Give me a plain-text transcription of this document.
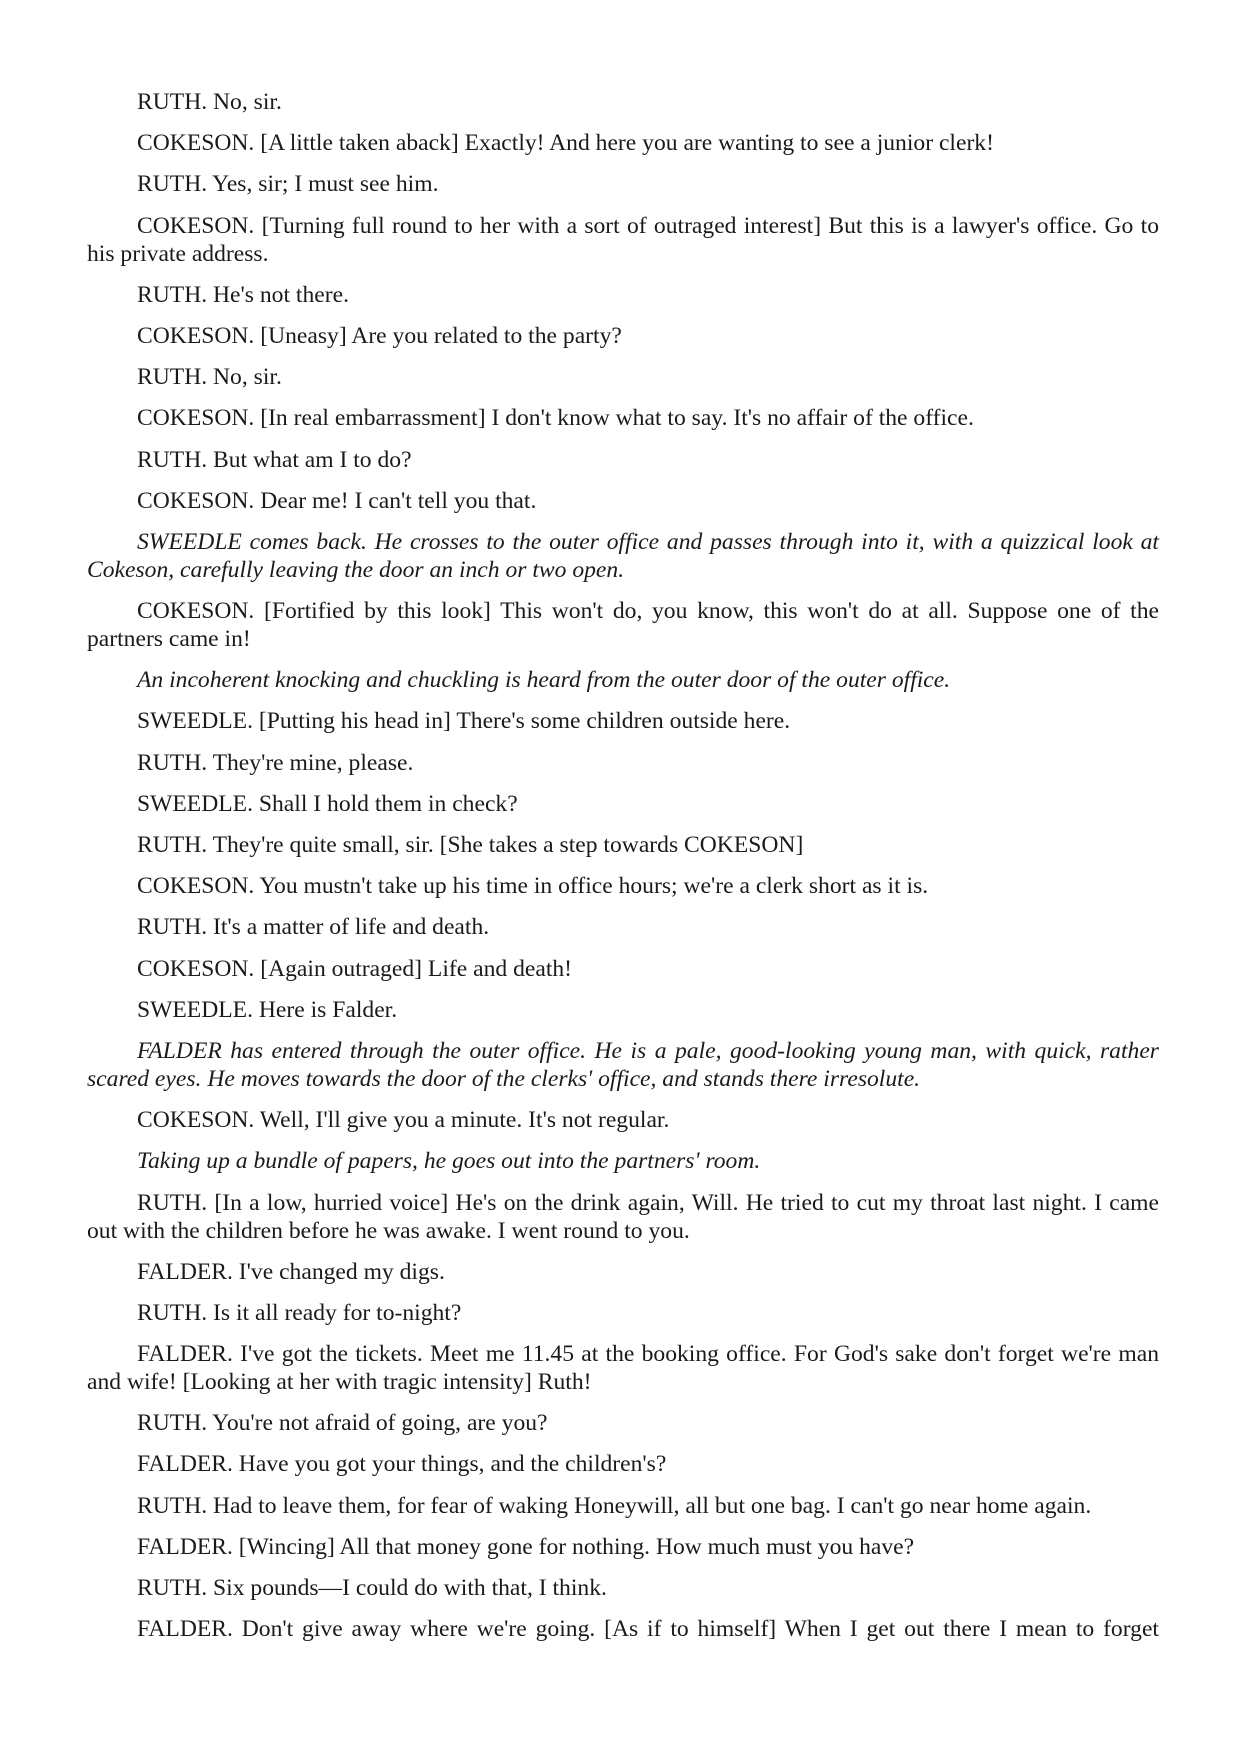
RUTH. No, sir.

COKESON. [A little taken aback] Exactly! And here you are wanting to see a junior clerk!

RUTH. Yes, sir; I must see him.

COKESON. [Turning full round to her with a sort of outraged interest] But this is a lawyer's office. Go to his private address.

RUTH. He's not there.

COKESON. [Uneasy] Are you related to the party?

RUTH. No, sir.

COKESON. [In real embarrassment] I don't know what to say. It's no affair of the office.

RUTH. But what am I to do?

COKESON. Dear me! I can't tell you that.

SWEEDLE comes back. He crosses to the outer office and passes through into it, with a quizzical look at Cokeson, carefully leaving the door an inch or two open.

COKESON. [Fortified by this look] This won't do, you know, this won't do at all. Suppose one of the partners came in!

An incoherent knocking and chuckling is heard from the outer door of the outer office.

SWEEDLE. [Putting his head in] There's some children outside here.

RUTH. They're mine, please.

SWEEDLE. Shall I hold them in check?

RUTH. They're quite small, sir. [She takes a step towards COKESON]

COKESON. You mustn't take up his time in office hours; we're a clerk short as it is.

RUTH. It's a matter of life and death.

COKESON. [Again outraged] Life and death!

SWEEDLE. Here is Falder.

FALDER has entered through the outer office. He is a pale, good-looking young man, with quick, rather scared eyes. He moves towards the door of the clerks' office, and stands there irresolute.

COKESON. Well, I'll give you a minute. It's not regular.

Taking up a bundle of papers, he goes out into the partners' room.

RUTH. [In a low, hurried voice] He's on the drink again, Will. He tried to cut my throat last night. I came out with the children before he was awake. I went round to you.

FALDER. I've changed my digs.

RUTH. Is it all ready for to-night?

FALDER. I've got the tickets. Meet me 11.45 at the booking office. For God's sake don't forget we're man and wife! [Looking at her with tragic intensity] Ruth!

RUTH. You're not afraid of going, are you?

FALDER. Have you got your things, and the children's?

RUTH. Had to leave them, for fear of waking Honeywill, all but one bag. I can't go near home again.

FALDER. [Wincing] All that money gone for nothing. How much must you have?

RUTH. Six pounds—I could do with that, I think.

FALDER. Don't give away where we're going. [As if to himself] When I get out there I mean to forget
